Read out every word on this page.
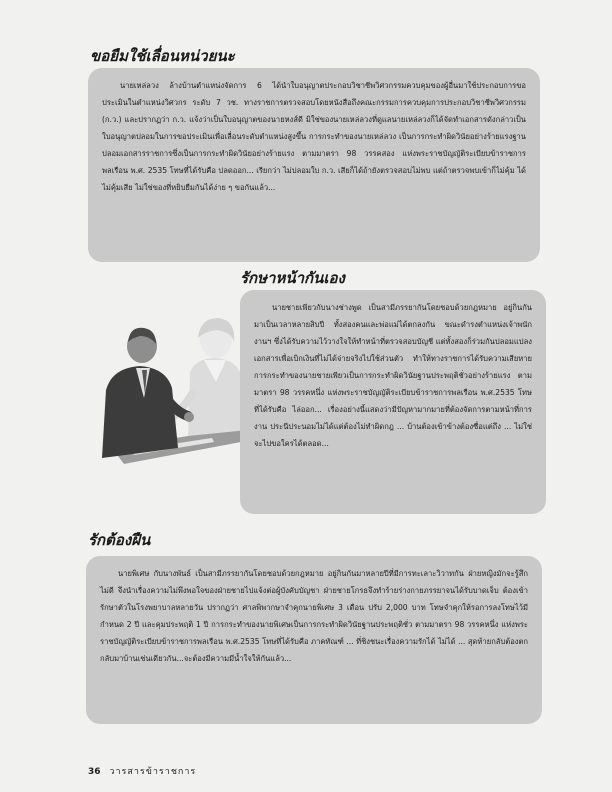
ขอยืมใช้เลื่อนหน่วยนะ

นายเหล่ลวง ล้างบ้านตำแหน่งจัดการ 6 ได้นำใบอนุญาตประกอบวิชาชีพวิศวกรรมควบคุมของผู้อื่นมาใช้ประกอบการขอประเมินในตำแหน่งวิศวกร ระดับ 7 วช. ทางราชการตรวจสอบโดยหนังสือถึงคณะกรรมการควบคุมการประกอบวิชาชีพวิศวกรรม (ก.ว.) และปรากฏว่า ก.ว. แจ้งว่าเป็นใบอนุญาตของนายหงส์ดี มิใช่ของนายเหล่ลวงที่ดูแลนายเหล่ลวงก็ได้จัดทำเอกสารดังกล่าวเป็นใบอนุญาตปลอมในการขอประเมินเพื่อเลื่อนระดับตำแหน่งสูงขึ้น การกระทำของนายเหล่ลวง เป็นการกระทำผิดวินัยอย่างร้ายแรงฐานปลอมเอกสารราชการซึ่งเป็นการกระทำผิดวินัยอย่างร้ายแรง ตามมาตรา 98 วรรคสอง แห่งพระราชบัญญัติระเบียบข้าราชการพลเรือน พ.ศ. 2535 โทษที่ได้รับคือ ปลดออก... เรียกว่า ไม่ปลอมใบ ก.ว. เสียก็ได้ถ้ายังตรวจสอบไม่พบ แต่ถ้าตรวจพบเข้าก็ไม่คุ้ม ได้ไม่คุ้มเสีย ไม่ใช่ของที่หยิบยืมกันได้ง่าย ๆ ขอกันแล้ว...

รักษาหน้ากันเอง

นายชายเพียวกับนางช่างพูด เป็นสามีภรรยากันโดยชอบด้วยกฎหมาย อยู่กินกันมาเป็นเวลาหลายสิบปี ทั้งสองคนและพ่อแม่ได้ตกลงกัน ขณะดำรงตำแหน่งเจ้าพนักงานฯ ซึ่งได้รับความไว้วางใจให้ทำหน้าที่ตรวจสอบบัญชี แต่ทั้งสองก็ร่วมกันปลอมแปลงเอกสารเพื่อเบิกเงินที่ไม่ได้จ่ายจริงไปใช้ส่วนตัว ทำให้ทางราชการได้รับความเสียหาย การกระทำของนายชายเพียวเป็นการกระทำผิดวินัยฐานประพฤติชั่วอย่างร้ายแรง ตามมาตรา 98 วรรคหนึ่ง แห่งพระราชบัญญัติระเบียบข้าราชการพลเรือน พ.ศ.2535 โทษที่ได้รับคือ ไล่ออก... เรื่องอย่างนี้แสดงว่ามีปัญหามากมายที่ต้องจัดการตามหน้าที่การงาน ประนีประนอมไม่ได้แต่ต้องไม่ทำผิดกฎ ... บ้านต้องเข้าข้างต้องซื่อแต่ถึง ... ไม่ใช่จะไปขอใครได้ตลอด...

รักต้องฝืน

นายพิเศษ กับนางพันธ์ เป็นสามีภรรยากันโดยชอบด้วยกฎหมาย อยู่กินกันมาหลายปีที่มีการทะเลาะวิวาทกัน ฝ่ายหญิงมักจะรู้สึกไม่ดี จึงนำเรื่องความไม่พึงพอใจของฝ่ายชายไปแจ้งต่อผู้บังคับบัญชา ฝ่ายชายโกรธจึงทำร้ายร่างกายภรรยาจนได้รับบาดเจ็บ ต้องเข้ารักษาตัวในโรงพยาบาลหลายวัน ปรากฏว่า ศาลพิพากษาจำคุกนายพิเศษ 3 เดือน ปรับ 2,000 บาท โทษจำคุกให้รอการลงโทษไว้มีกำหนด 2 ปี และคุมประพฤติ 1 ปี การกระทำของนายพิเศษเป็นการกระทำผิดวินัยฐานประพฤติชั่ว ตามมาตรา 98 วรรคหนึ่ง แห่งพระราชบัญญัติระเบียบข้าราชการพลเรือน พ.ศ.2535 โทษที่ได้รับคือ ภาคทัณฑ์ ... ที่ชิงชนะเรื่องความรักได้ ไม่ได้ ... สุดท้ายกลับต้องตกกลับมาบ้านเช่นเดียวกัน...จะต้องมีความมีน้ำใจให้กันแล้ว...

36 วารสารข้าราชการ
